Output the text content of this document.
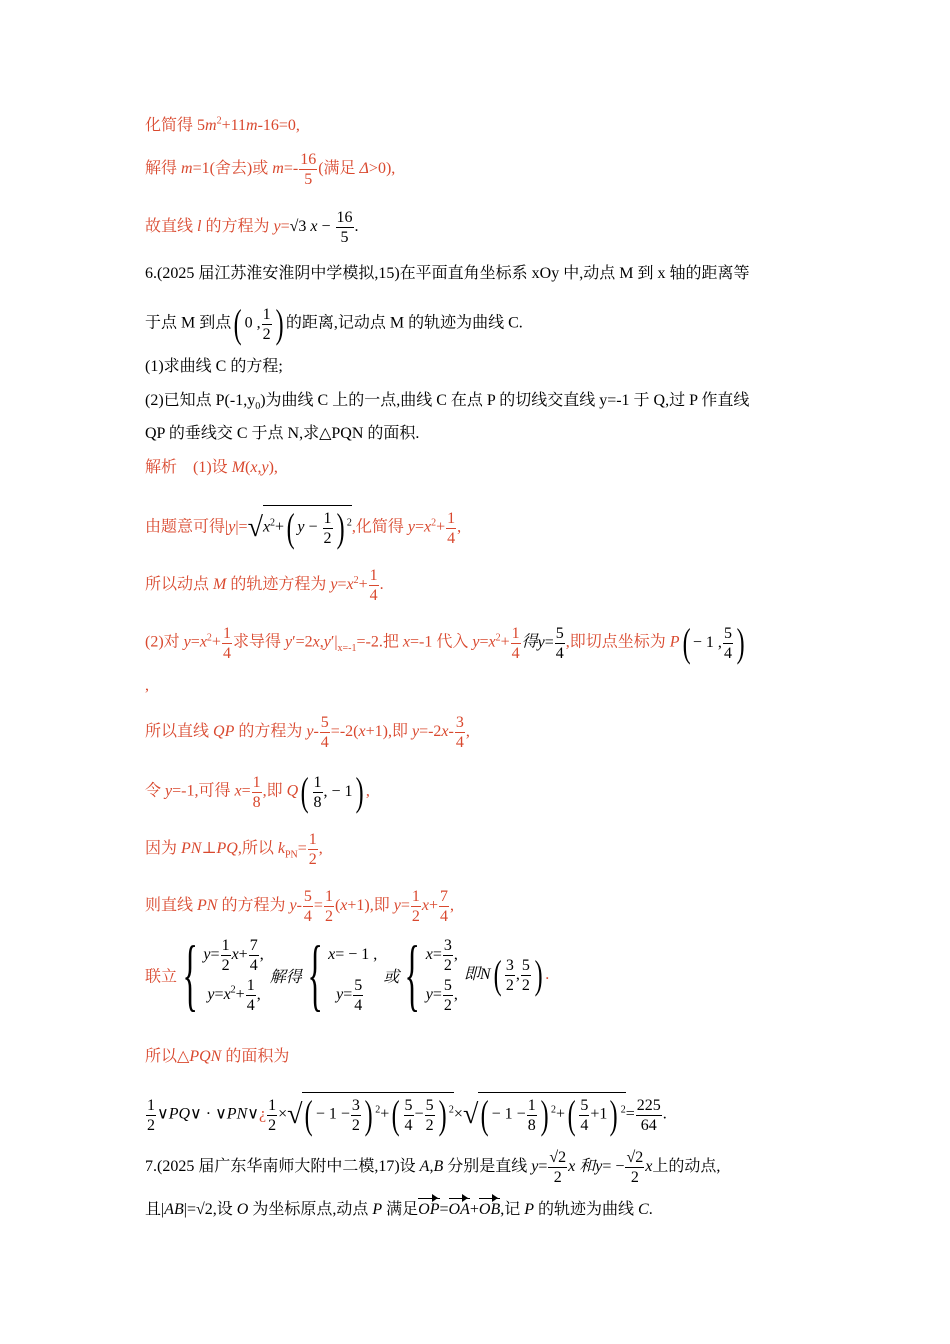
化简得 $5m^2+11m-16=0$,
解得 m=1(舍去)或 $m=- \frac{16}{5}$ (满足 Δ>0),
故直线 l 的方程为 y=√3 $x - \frac{16}{5}$ .
6.(2025 届江苏淮安淮阴中学模拟,15)在平面直角坐标系 xOy 中,动点 M 到 x 轴的距离等
于点 M 到点( 0 , $\frac{1}{2}$ ) 的距离,记动点 M 的轨迹为曲线 C.
(1)求曲线 C 的方程;
(2)已知点 $P(-1,y_0)$为曲线 C 上的一点,曲线 C 在点 P 的切线交直线 y=-1 于 Q,过 P 作直线
QP 的垂线交 C 于点 N,求△PQN 的面积.
解析 (1)设 M(x,y),
由题意可得$|y|=√x^2+$( $y - \frac{1}{2}$ ) $^2$,化简得 $y=x^2+ \frac{1}{4}$ ,
所以动点 M 的轨迹方程为 $y=x^2+ \frac{1}{4}$ .
(2)对 $y=x^2+ \frac{1}{4}$ 求导得 $y'=2x,y'|_{x=-1}=-2$.把 x=-1 代入 $y=x^2+ \frac{1}{4}$ 得$y= \frac{5}{4}$ ,即切点坐标为 P( − 1 , $\frac{5}{4}$ )
,
所以直线 QP 的方程为 $y- \frac{5}{4} =-2(x+1)$,即 $y=-2x- \frac{3}{4}$ ,
令 y=-1,可得 $x= \frac{1}{8}$ ,即 $Q( \frac{1}{8}$ , − 1) ,
因为 PN⊥PQ,所以 $k_{PN}= \frac{1}{2}$ ,
则直线 PN 的方程为 $y- \frac{5}{4} = \frac{1}{2} (x+1)$,即 $y= \frac{1}{2} x+ \frac{7}{4}$ ,
联立{ $y= \frac{1}{2} x+ \frac{7}{4}$ ,
$y=x^2+ \frac{1}{4}$ ,
解得{ x= − 1 ,
$y= \frac{5}{4}$ 或{ $x= \frac{3}{2}$ ,
$y= \frac{5}{2}$ ,
即$N( \frac{3}{2}$ , $\frac{5}{2}$ ) .
所以△PQN 的面积为
$\frac{1}{2}$ ∨PQ∨ · ∨PN∨¿ $\frac{1}{2}$ ×√( − $1 - \frac{3}{2}$ ) $^2+( \frac{5}{4} - \frac{5}{2}$ ) $^2\times√( - 1 - \frac{1}{8}$ ) $^2+( \frac{5}{4} +1)$ $^2= \frac{225}{64}$ .
7.(2025 届广东华南师大附中二模,17)设 A,B 分别是直线 $y= \frac{√2}{2}$ x 和$y= - \frac{√2}{2}$ x上的动点,
且|AB|=√2,设 O 为坐标原点,动点 P 满足OP=OA+OB,记 P 的轨迹为曲线 C.
